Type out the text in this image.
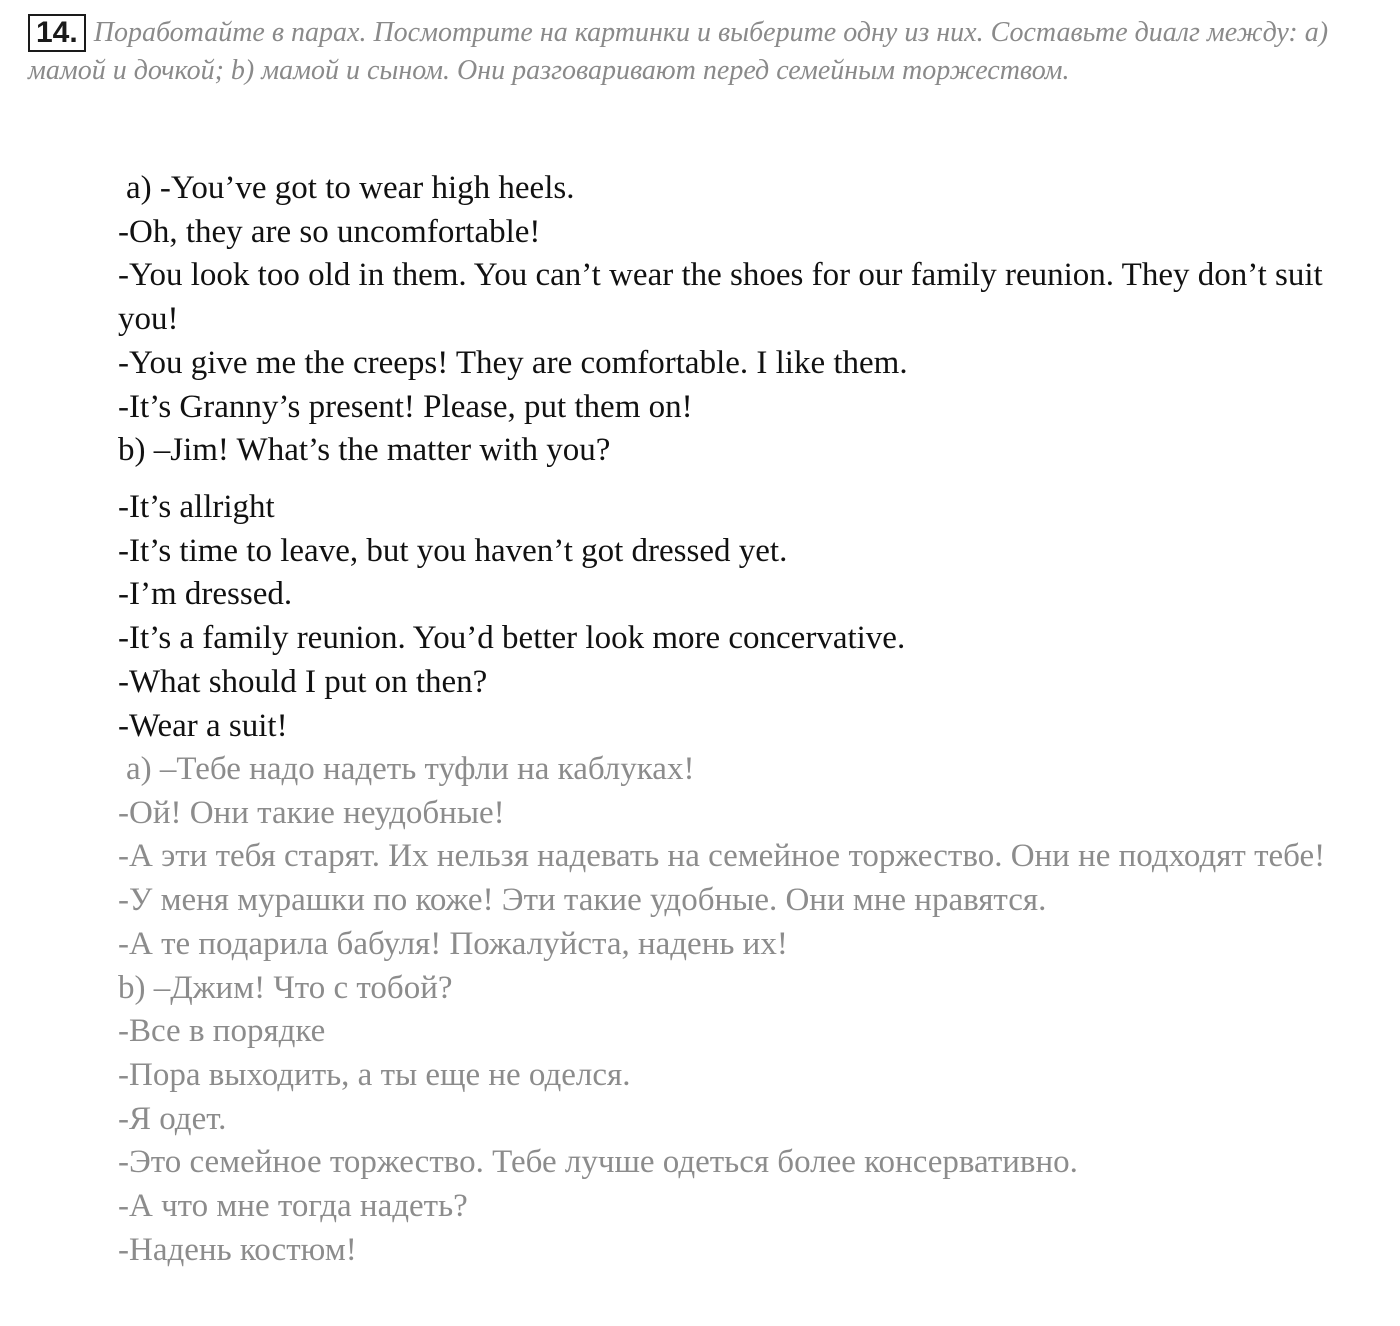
14. Поработайте в парах. Посмотрите на картинки и выберите одну из них. Составьте диалг между: а) мамой и дочкой; b) мамой и сыном. Они разговаривают перед семейным торжеством.
a) -You’ve got to wear high heels.
-Oh, they are so uncomfortable!
-You look too old in them. You can’t wear the shoes for our family reunion. They don’t suit you!
-You give me the creeps! They are comfortable. I like them.
-It’s Granny’s present! Please, put them on!
b) –Jim! What’s the matter with you?
-It’s allright
-It’s time to leave, but you haven’t got dressed yet.
-I’m dressed.
-It’s a family reunion. You’d better look more concervative.
-What should I put on then?
-Wear a suit!
a) –Тебе надо надеть туфли на каблуках!
-Ой! Они такие неудобные!
-А эти тебя старят. Их нельзя надевать на семейное торжество. Они не подходят тебе!
-У меня мурашки по коже! Эти такие удобные. Они мне нравятся.
-А те подарила бабуля! Пожалуйста, надень их!
b) –Джим! Что с тобой?
-Все в порядке
-Пора выходить, а ты еще не оделся.
-Я одет.
-Это семейное торжество. Тебе лучше одеться более консервативно.
-А что мне тогда надеть?
-Надень костюм!
